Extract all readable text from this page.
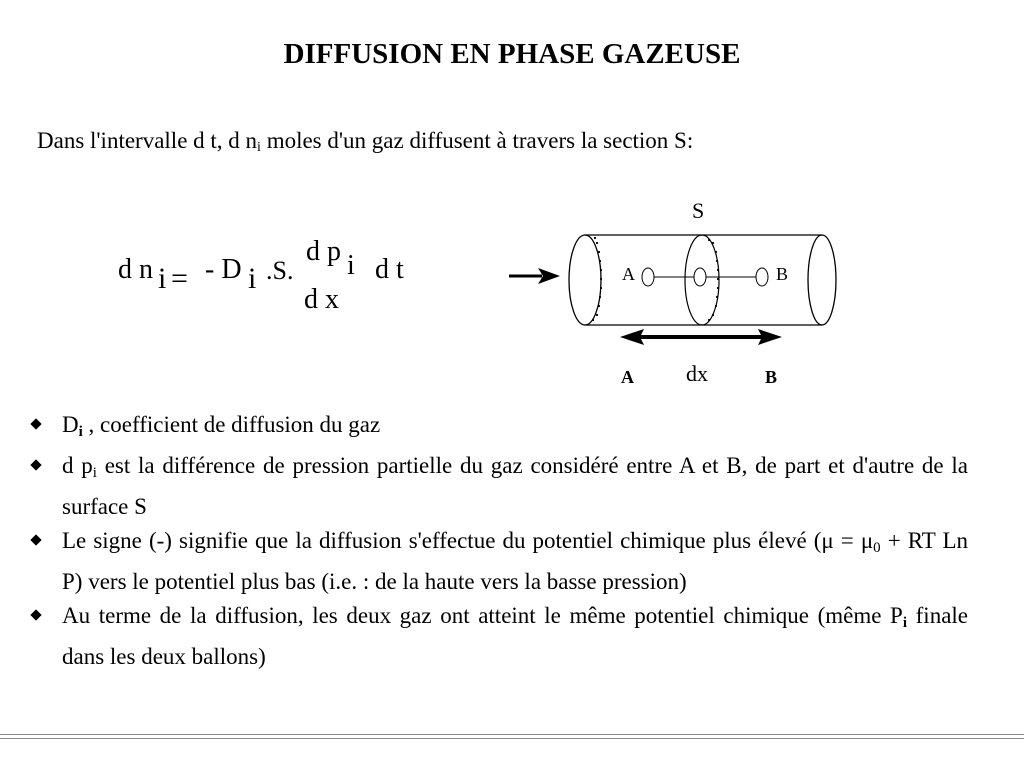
DIFFUSION EN PHASE GAZEUSE
Dans l'intervalle d t, d $n_i$ moles d'un gaz diffusent à travers la section S:
d n i = - D i .S.
d p i d t
d x
S
A	B
dx
A	B
$D_i$ , coefficient de diffusion du gaz
d $p_i$ est la différence de pression partielle du gaz considéré entre A et B, de part et d'autre de la surface S
Le signe (-) signifie que la diffusion s'effectue du potentiel chimique plus élevé ($\mu = \mu_0$ + RT Ln P) vers le potentiel plus bas (i.e. : de la haute vers la basse pression)
Au terme de la diffusion, les deux gaz ont atteint le même potentiel chimique (même $P_i$ finale dans les deux ballons)
